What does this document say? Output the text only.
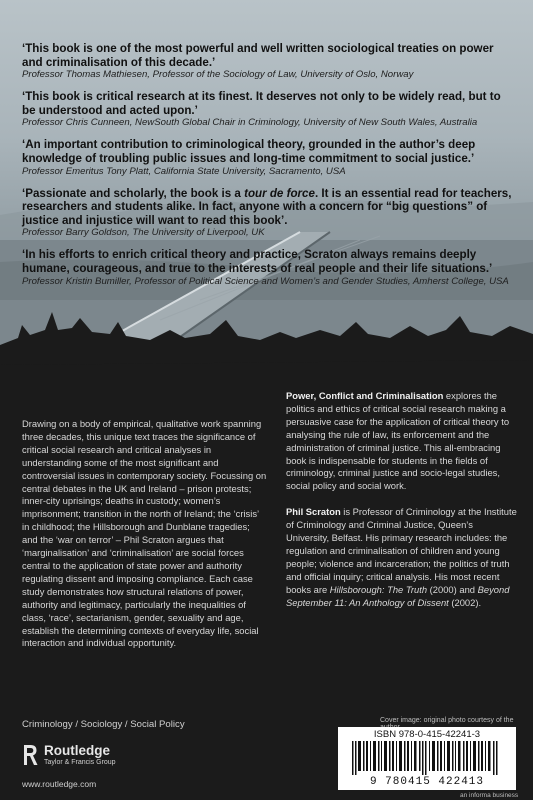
‘This book is one of the most powerful and well written sociological treaties on power and criminalisation of this decade.’

Professor Thomas Mathiesen, Professor of the Sociology of Law, University of Oslo, Norway

‘This book is critical research at its finest. It deserves not only to be widely read, but to be understood and acted upon.’

Professor Chris Cunneen, NewSouth Global Chair in Criminology, University of New South Wales, Australia

‘An important contribution to criminological theory, grounded in the author’s deep knowledge of troubling public issues and long-time commitment to social justice.’

Professor Emeritus Tony Platt, California State University, Sacramento, USA

‘Passionate and scholarly, the book is a tour de force. It is an essential read for teachers, researchers and students alike. In fact, anyone with a concern for “big questions” of justice and injustice will want to read this book’.

Professor Barry Goldson, The University of Liverpool, UK

‘In his efforts to enrich critical theory and practice, Scraton always remains deeply humane, courageous, and true to the interests of real people and their life situations.’

Professor Kristin Bumiller, Professor of Political Science and Women’s and Gender Studies, Amherst College, USA

Drawing on a body of empirical, qualitative work spanning three decades, this unique text traces the significance of critical social research and critical analyses in understanding some of the most significant and controversial issues in contemporary society. Focussing on central debates in the UK and Ireland – prison protests; inner-city uprisings; deaths in custody; women’s imprisonment; transition in the north of Ireland; the ‘crisis’ in childhood; the Hillsborough and Dunblane tragedies; and the ‘war on terror’ – Phil Scraton argues that ‘marginalisation’ and ‘criminalisation’ are social forces central to the application of state power and authority regulating dissent and imposing compliance. Each case study demonstrates how structural relations of power, authority and legitimacy, particularly the inequalities of class, ‘race’, sectarianism, gender, sexuality and age, establish the determining contexts of everyday life, social interaction and individual opportunity.

Power, Conflict and Criminalisation explores the politics and ethics of critical social research making a persuasive case for the application of critical theory to analysing the rule of law, its enforcement and the administration of criminal justice. This all-embracing book is indispensable for students in the fields of criminology, criminal justice and socio-legal studies, social policy and social work.

Phil Scraton is Professor of Criminology at the Institute of Criminology and Criminal Justice, Queen’s University, Belfast. His primary research includes: the regulation and criminalisation of children and young people; violence and incarceration; the politics of truth and official inquiry; critical analysis. His most recent books are Hillsborough: The Truth (2000) and Beyond September 11: An Anthology of Dissent (2002).

Criminology / Sociology / Social Policy

Routledge
Taylor & Francis Group

www.routledge.com

Cover image: original photo courtesy of the

ISBN 978-0-415-42241-3

9 780415 422413

an informa business
